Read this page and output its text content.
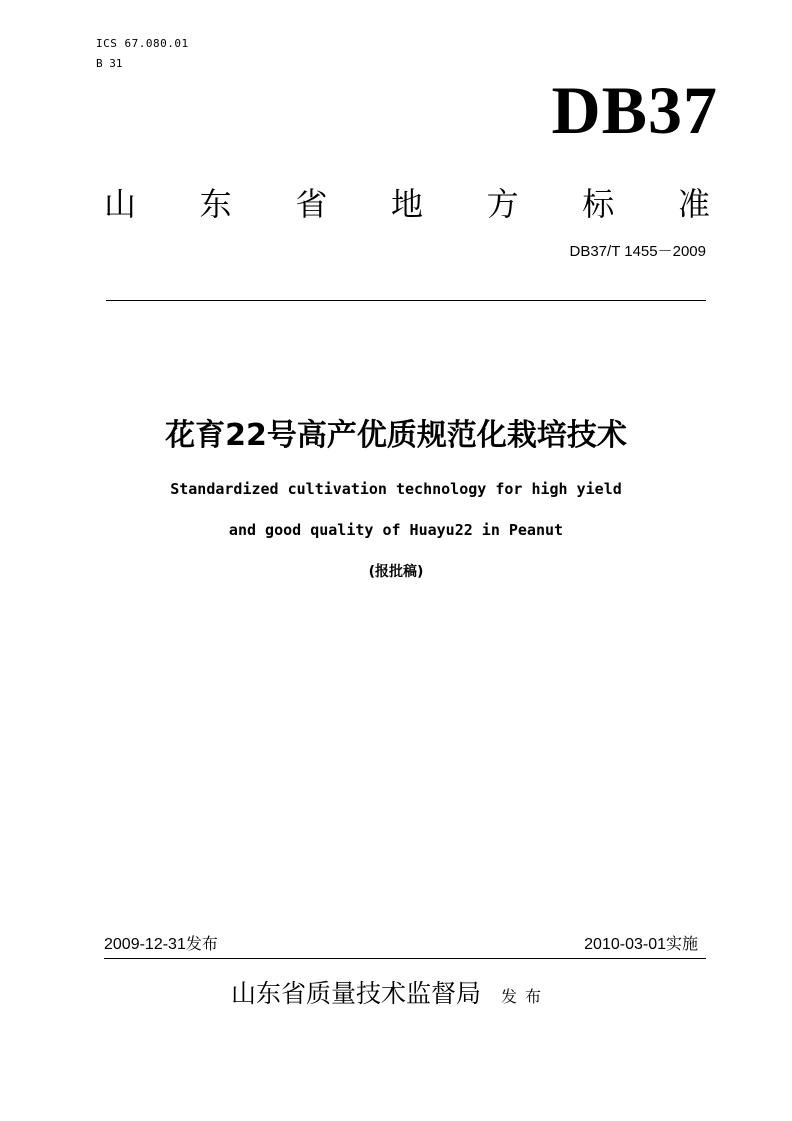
ICS 67.080.01
B 31
DB37
山 东 省 地 方 标 准
DB37/T 1455－2009
花育22号高产优质规范化栽培技术
Standardized cultivation technology for high yield
and good quality of Huayu22 in Peanut
(报批稿)
2009-12-31发布	2010-03-01实施
山东省质量技术监督局 发布
